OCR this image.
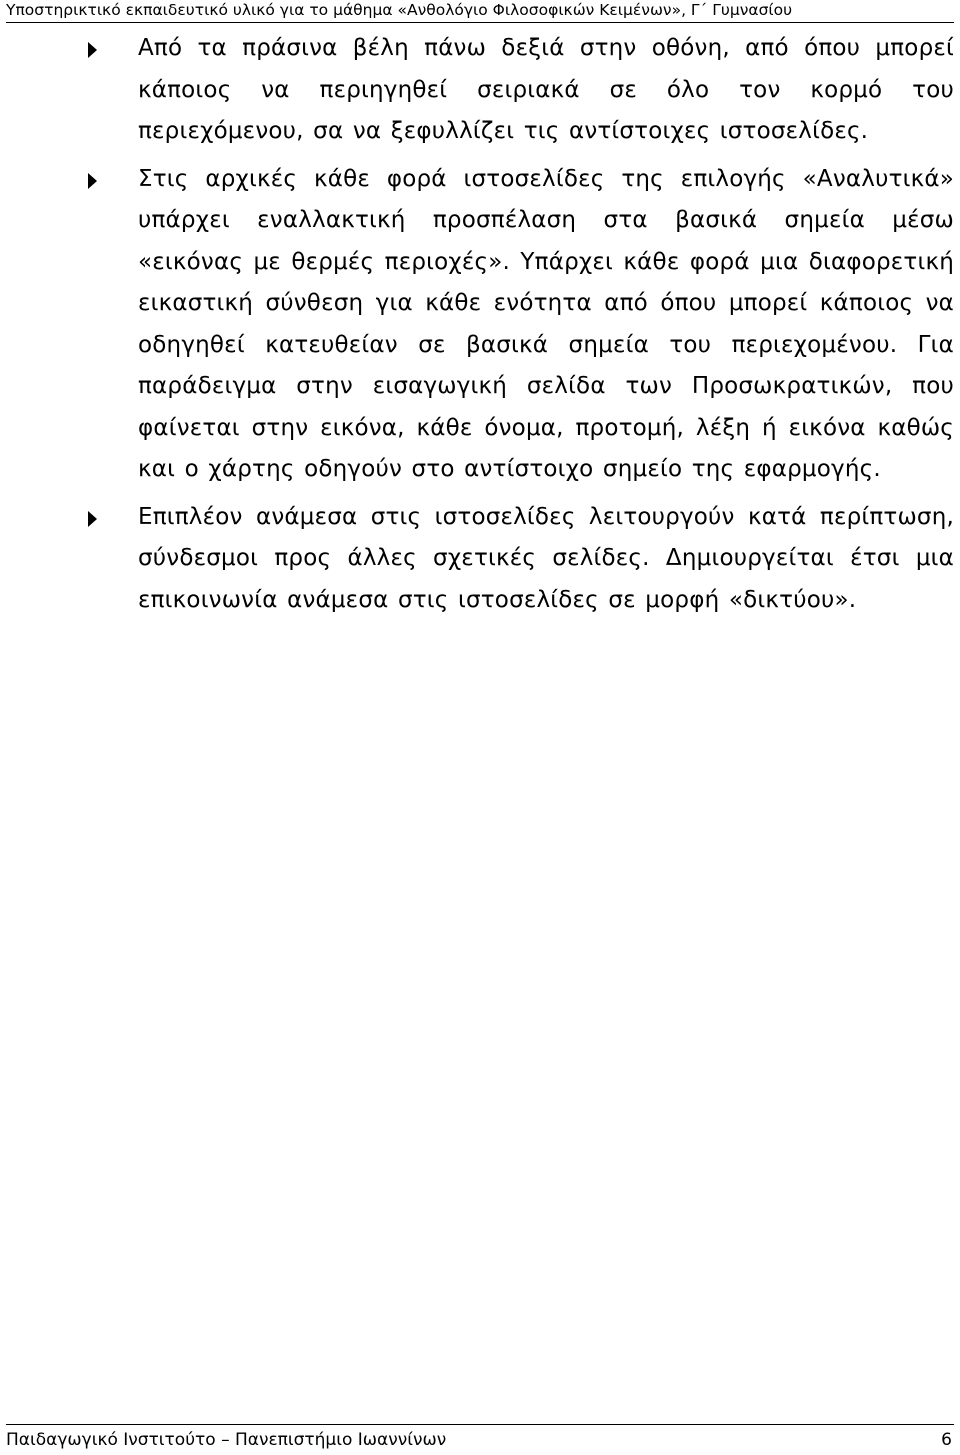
Υποστηρικτικό εκπαιδευτικό υλικό για το μάθημα «Ανθολόγιο Φιλοσοφικών Κειμένων», Γ΄ Γυμνασίου
Από τα πράσινα βέλη πάνω δεξιά στην οθόνη, από όπου μπορεί κάποιος να περιηγηθεί σειριακά σε όλο τον κορμό του περιεχόμενου, σα να ξεφυλλίζει τις αντίστοιχες ιστοσελίδες.
Στις αρχικές κάθε φορά ιστοσελίδες της επιλογής «Αναλυτικά» υπάρχει εναλλακτική προσπέλαση στα βασικά σημεία μέσω «εικόνας με θερμές περιοχές». Υπάρχει κάθε φορά μια διαφορετική εικαστική σύνθεση για κάθε ενότητα από όπου μπορεί κάποιος να οδηγηθεί κατευθείαν σε βασικά σημεία του περιεχομένου. Για παράδειγμα στην εισαγωγική σελίδα των Προσωκρατικών, που φαίνεται στην εικόνα, κάθε όνομα, προτομή, λέξη ή εικόνα καθώς και ο χάρτης οδηγούν στο αντίστοιχο σημείο της εφαρμογής.
Επιπλέον ανάμεσα στις ιστοσελίδες λειτουργούν κατά περίπτωση, σύνδεσμοι προς άλλες σχετικές σελίδες. Δημιουργείται έτσι μια επικοινωνία ανάμεσα στις ιστοσελίδες σε μορφή «δικτύου».
Παιδαγωγικό Ινστιτούτο – Πανεπιστήμιο Ιωαννίνων	6
